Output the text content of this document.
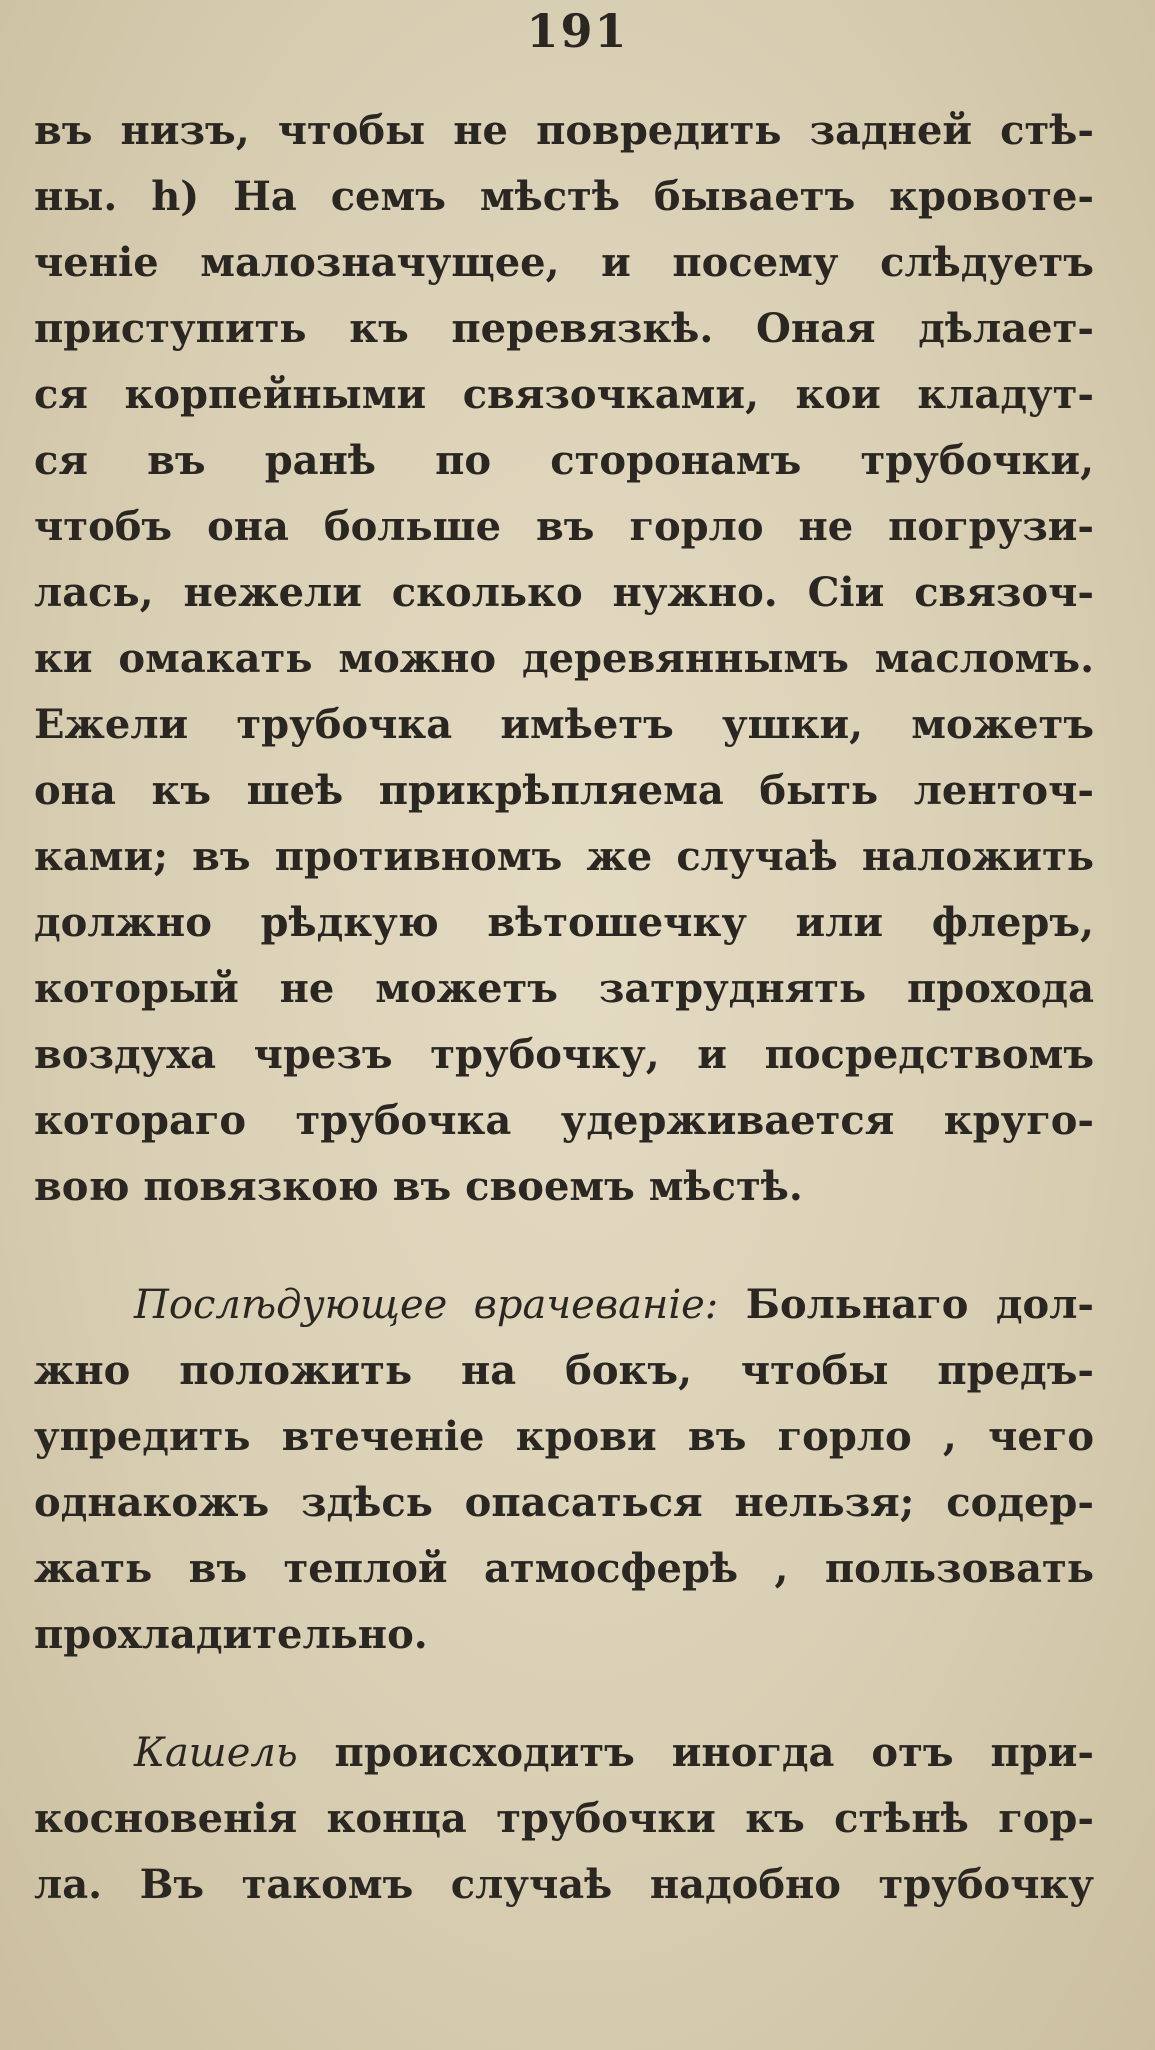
191
въ низъ, чтобы не повредить задней стѣ-
ны. h) На семъ мѣстѣ бываетъ кровоте-
ченіе малозначущее, и посему слѣдуетъ
приступить къ перевязкѣ. Оная дѣлает-
ся корпейными связочками, кои кладут-
ся въ ранѣ по сторонамъ трубочки,
чтобъ она больше въ горло не погрузи-
лась, нежели сколько нужно. Сіи связоч-
ки омакать можно деревяннымъ масломъ.
Ежели трубочка имѣетъ ушки, можетъ
она къ шеѣ прикрѣпляема быть ленточ-
ками; въ противномъ же случаѣ наложить
должно рѣдкую вѣтошечку или флеръ,
который не можетъ затруднять прохода
воздуха чрезъ трубочку, и посредствомъ
котораго трубочка удерживается круго-
вою повязкою въ своемъ мѣстѣ.
Послѣдующее врачеваніе: Больнаго дол-
жно положить на бокъ, чтобы предъ-
упредить втеченіе крови въ горло , чего
однакожъ здѣсь опасаться нельзя; содер-
жать въ теплой атмосферѣ , пользовать
прохладительно.
Кашель происходитъ иногда отъ при-
косновенія конца трубочки къ стѣнѣ гор-
ла. Въ такомъ случаѣ надобно трубочку
